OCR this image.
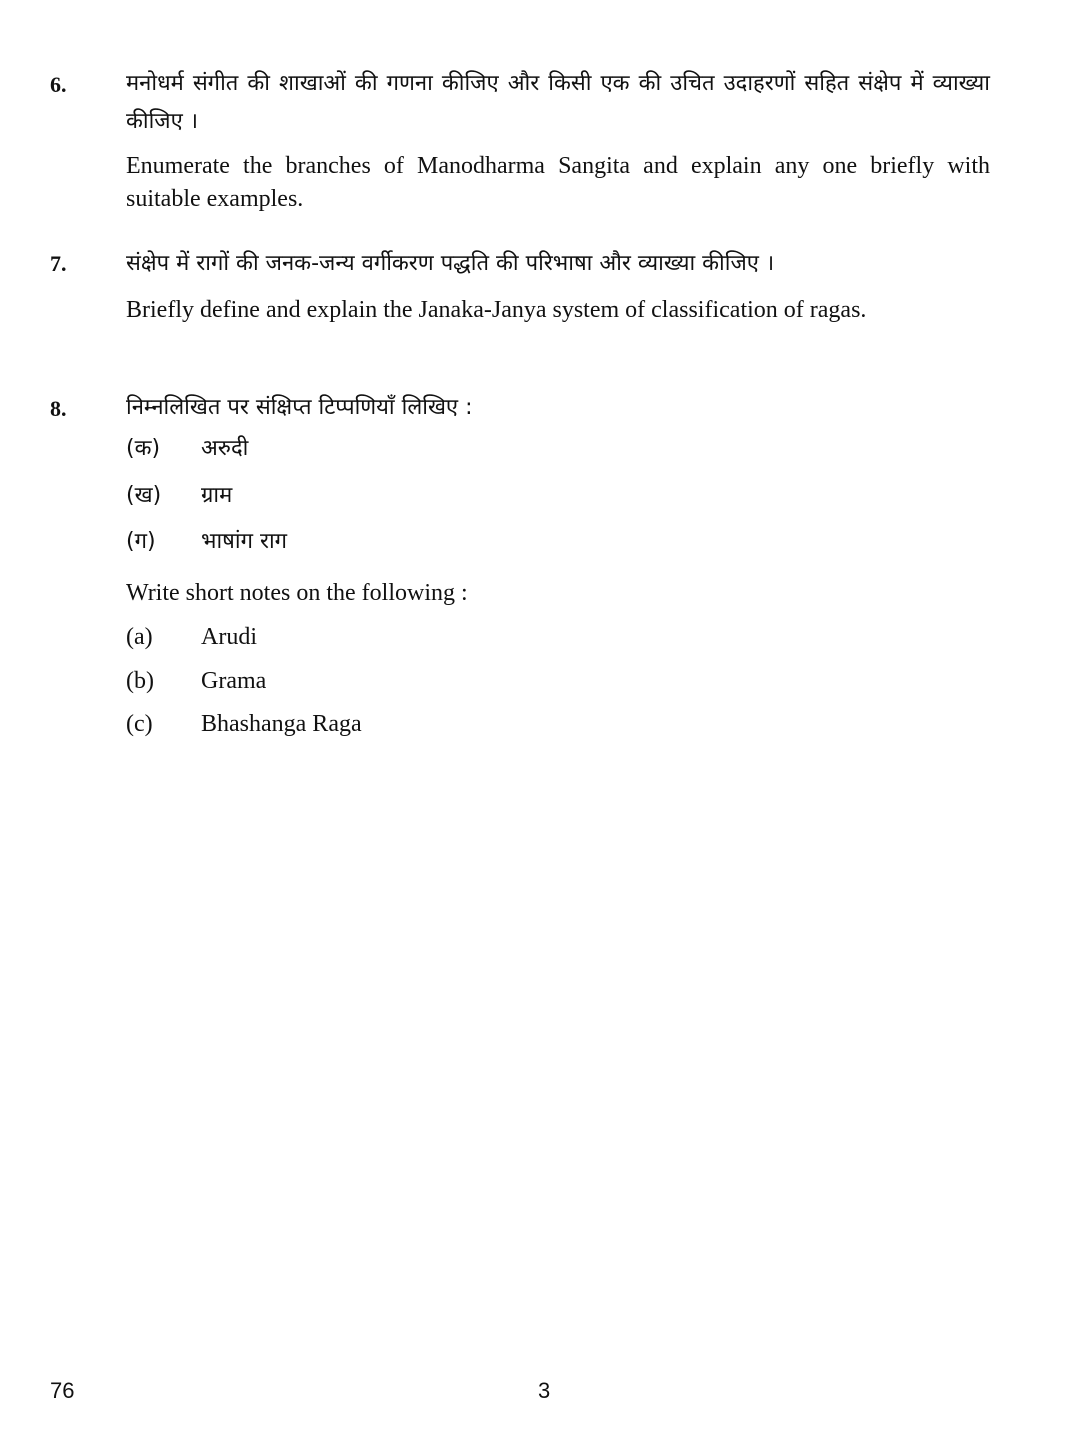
6.	मनोधर्म संगीत की शाखाओं की गणना कीजिए और किसी एक की उचित उदाहरणों सहित संक्षेप में व्याख्या कीजिए ।
Enumerate the branches of Manodharma Sangita and explain any one briefly with suitable examples.
7.	संक्षेप में रागों की जनक-जन्य वर्गीकरण पद्धति की परिभाषा और व्याख्या कीजिए ।
Briefly define and explain the Janaka-Janya system of classification of ragas.
8.	निम्नलिखित पर संक्षिप्त टिप्पणियाँ लिखिए :
(क) अरुदी
(ख) ग्राम
(ग) भाषांग राग
Write short notes on the following :
(a) Arudi
(b) Grama
(c) Bhashanga Raga
76	3
